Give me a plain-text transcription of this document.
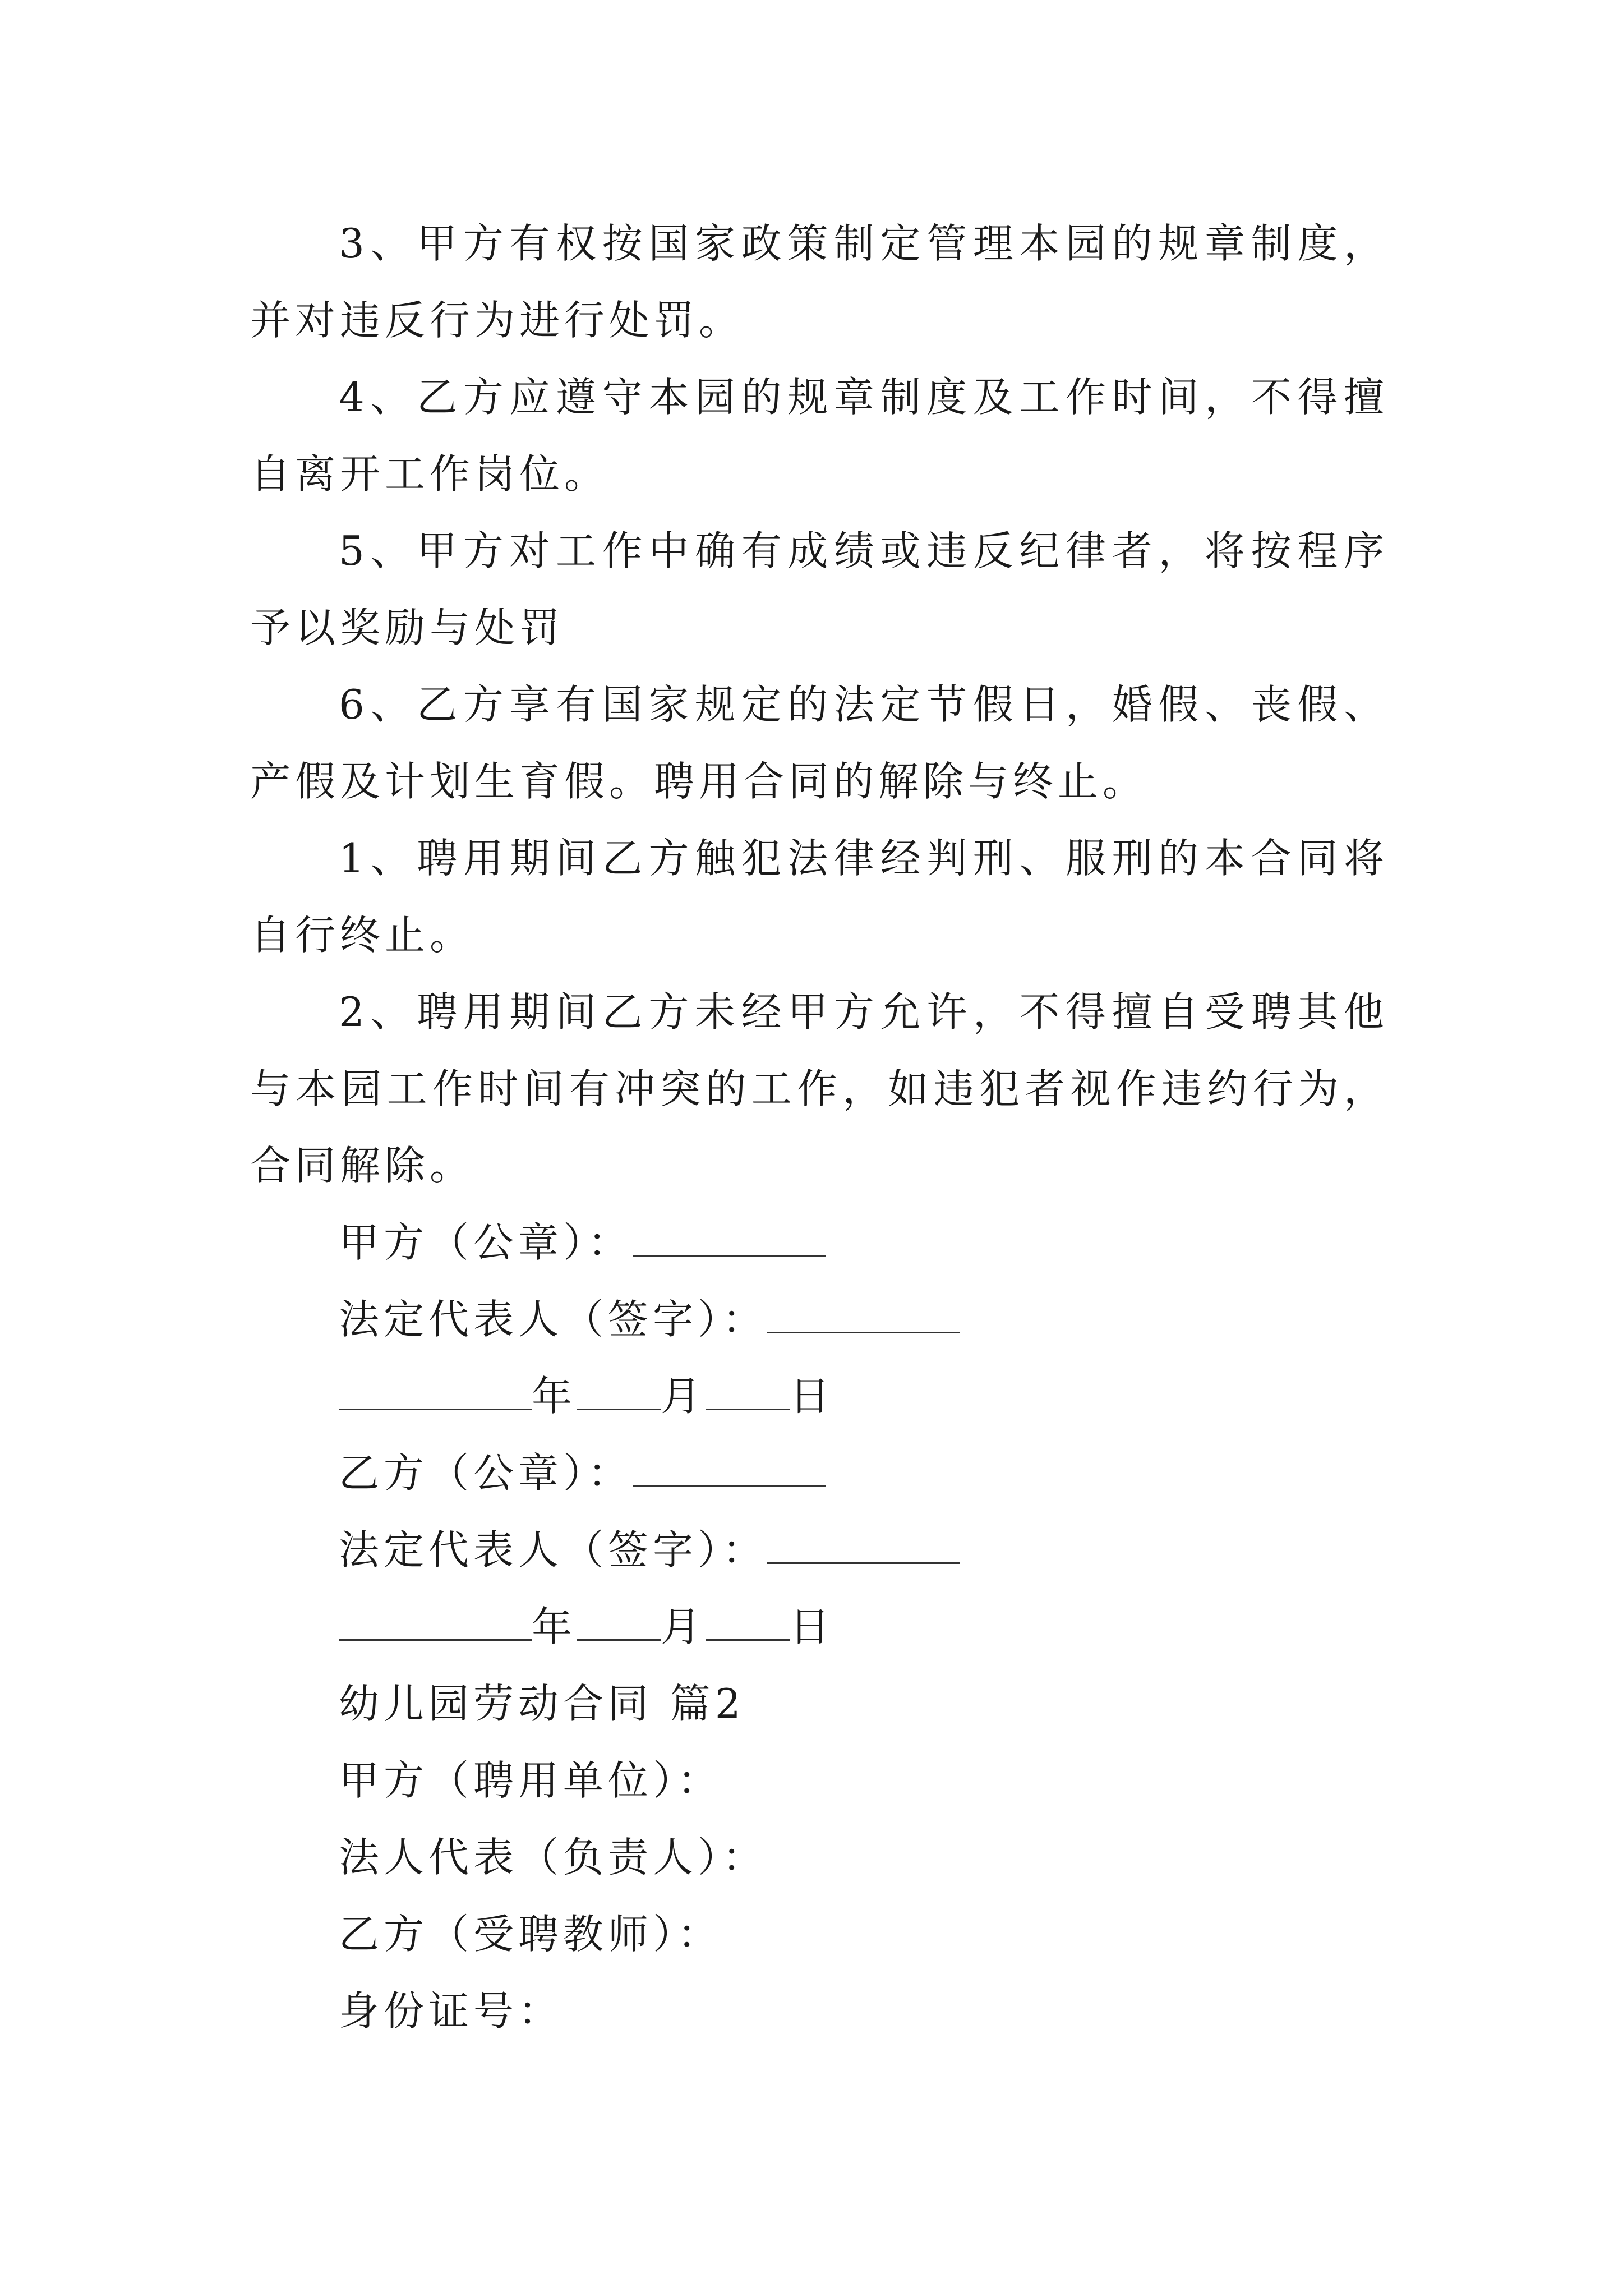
3、甲方有权按国家政策制定管理本园的规章制度，并对违反行为进行处罚。

4、乙方应遵守本园的规章制度及工作时间，不得擅自离开工作岗位。

5、甲方对工作中确有成绩或违反纪律者，将按程序予以奖励与处罚

6、乙方享有国家规定的法定节假日，婚假、丧假、产假及计划生育假。聘用合同的解除与终止。

1、聘用期间乙方触犯法律经判刑、服刑的本合同将自行终止。

2、聘用期间乙方未经甲方允许，不得擅自受聘其他与本园工作时间有冲突的工作，如违犯者视作违约行为，合同解除。

甲方（公章）：

法定代表人（签字）：

年 月 日

乙方（公章）：

法定代表人（签字）：

年 月 日

幼儿园劳动合同 篇2

甲方（聘用单位）：

法人代表（负责人）：

乙方（受聘教师）：

身份证号：
